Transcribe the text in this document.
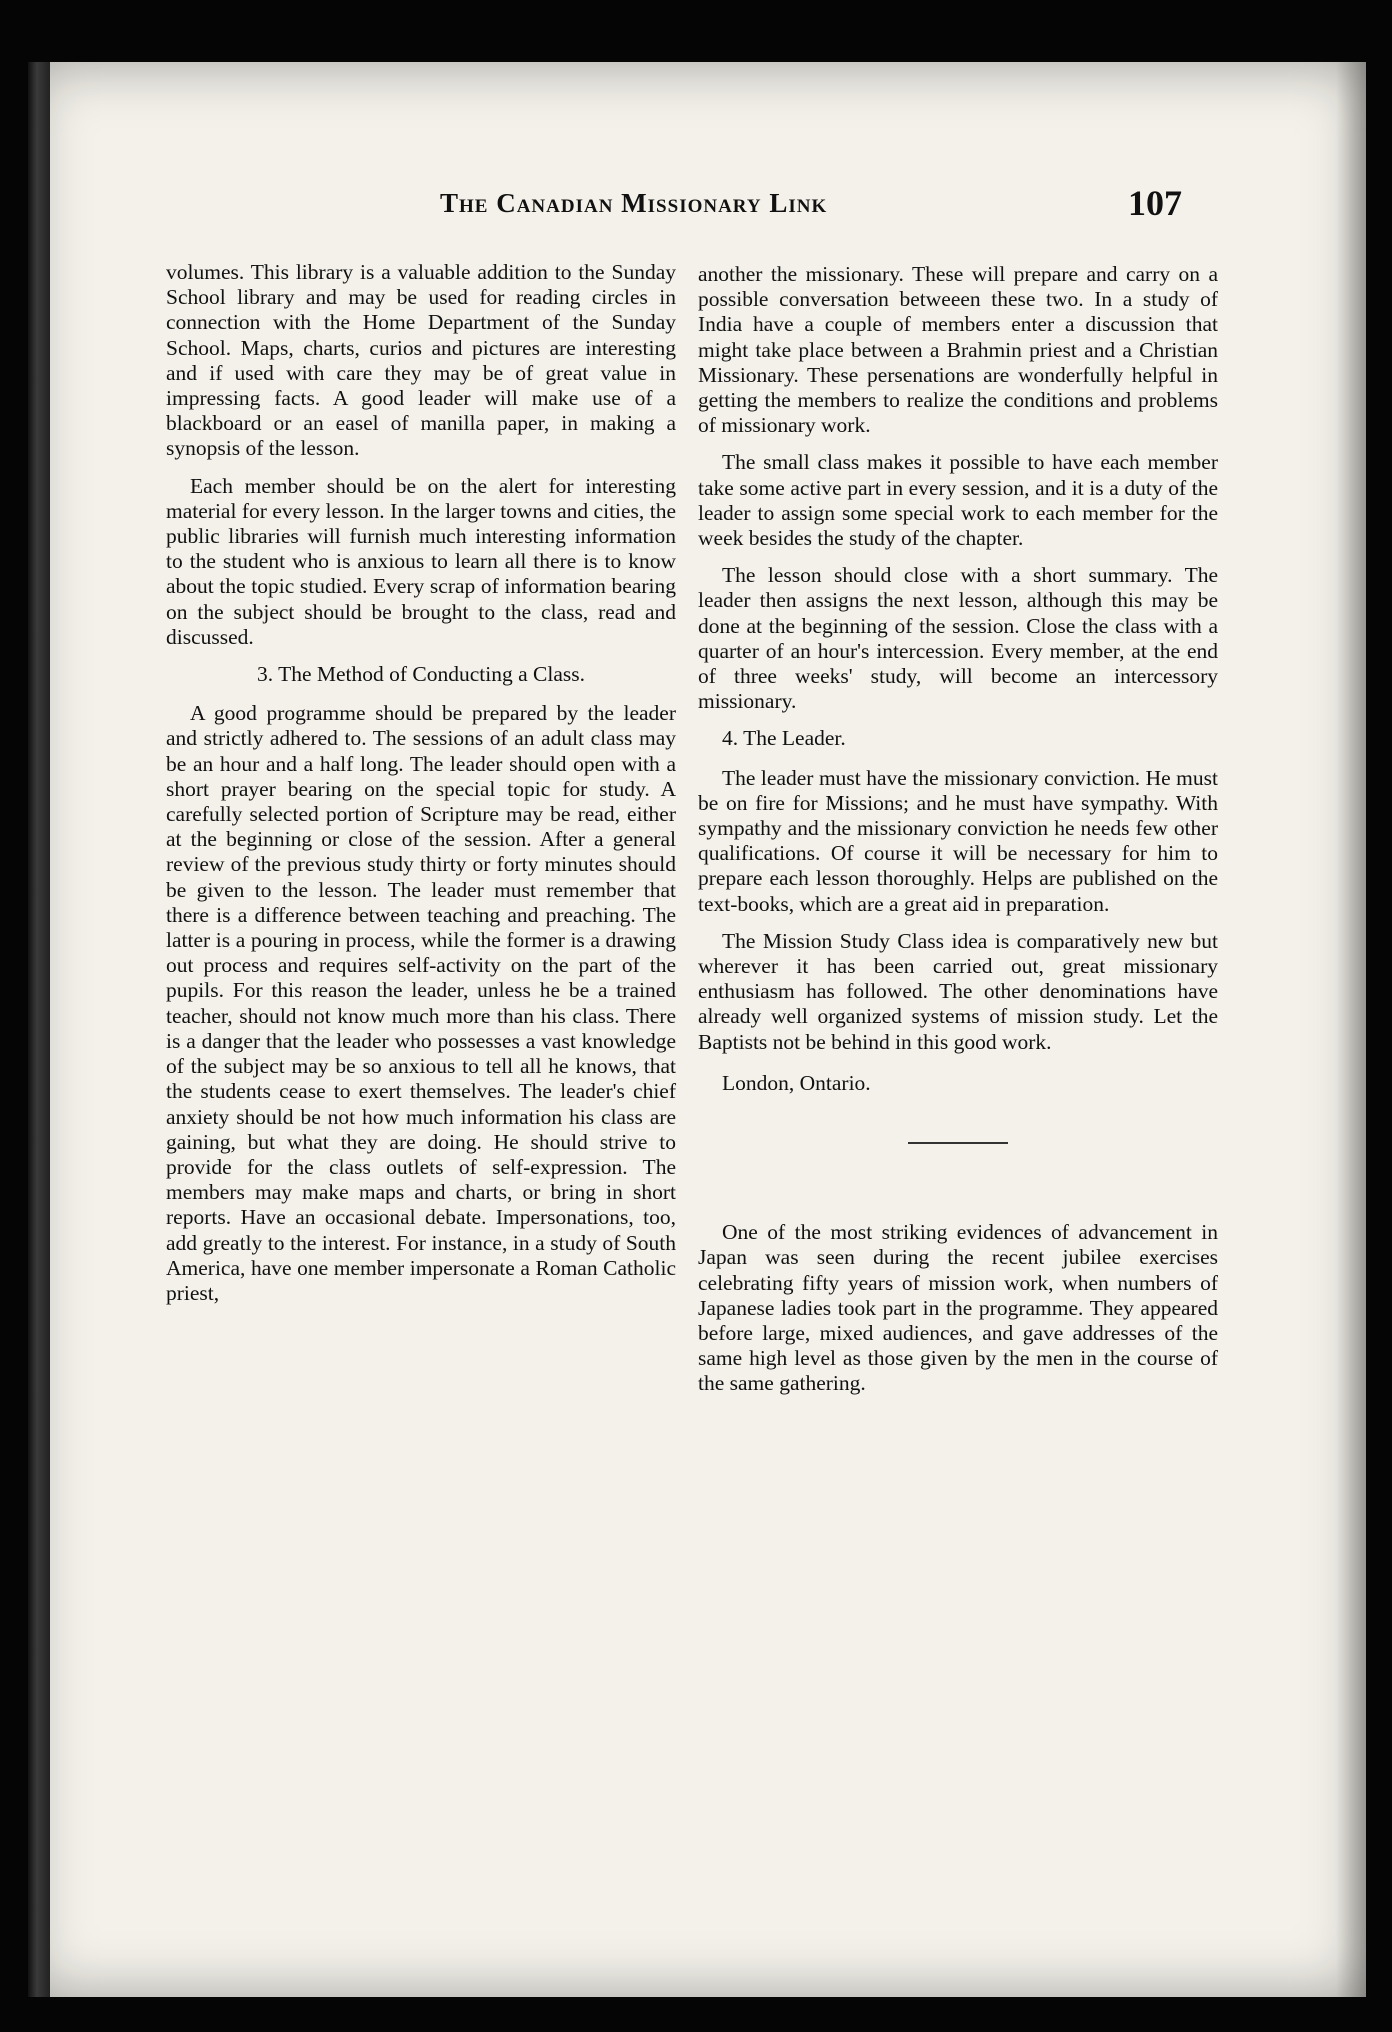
The Canadian Missionary Link	107

volumes. This library is a valuable addition to the Sunday School library and may be used for reading circles in connection with the Home Department of the Sunday School. Maps, charts, curios and pictures are interesting and if used with care they may be of great value in impressing facts. A good leader will make use of a blackboard or an easel of manilla paper, in making a synopsis of the lesson.

Each member should be on the alert for interesting material for every lesson. In the larger towns and cities, the public libraries will furnish much interesting information to the student who is anxious to learn all there is to know about the topic studied. Every scrap of information bearing on the subject should be brought to the class, read and discussed.

3. The Method of Conducting a Class.

A good programme should be prepared by the leader and strictly adhered to. The sessions of an adult class may be an hour and a half long. The leader should open with a short prayer bearing on the special topic for study. A carefully selected portion of Scripture may be read, either at the beginning or close of the session. After a general review of the previous study thirty or forty minutes should be given to the lesson. The leader must remember that there is a difference between teaching and preaching. The latter is a pouring in process, while the former is a drawing out process and requires self-activity on the part of the pupils. For this reason the leader, unless he be a trained teacher, should not know much more than his class. There is a danger that the leader who possesses a vast knowledge of the subject may be so anxious to tell all he knows, that the students cease to exert themselves. The leader's chief anxiety should be not how much information his class are gaining, but what they are doing. He should strive to provide for the class outlets of self-expression. The members may make maps and charts, or bring in short reports. Have an occasional debate. Impersonations, too, add greatly to the interest. For instance, in a study of South America, have one member impersonate a Roman Catholic priest,

another the missionary. These will prepare and carry on a possible conversation betweeen these two. In a study of India have a couple of members enter a discussion that might take place between a Brahmin priest and a Christian Missionary. These persenations are wonderfully helpful in getting the members to realize the conditions and problems of missionary work.

The small class makes it possible to have each member take some active part in every session, and it is a duty of the leader to assign some special work to each member for the week besides the study of the chapter.

The lesson should close with a short summary. The leader then assigns the next lesson, although this may be done at the beginning of the session. Close the class with a quarter of an hour's intercession. Every member, at the end of three weeks' study, will become an intercessory missionary.

4. The Leader.

The leader must have the missionary conviction. He must be on fire for Missions; and he must have sympathy. With sympathy and the missionary conviction he needs few other qualifications. Of course it will be necessary for him to prepare each lesson thoroughly. Helps are published on the text-books, which are a great aid in preparation.

The Mission Study Class idea is comparatively new but wherever it has been carried out, great missionary enthusiasm has followed. The other denominations have already well organized systems of mission study. Let the Baptists not be behind in this good work.

London, Ontario.

One of the most striking evidences of advancement in Japan was seen during the recent jubilee exercises celebrating fifty years of mission work, when numbers of Japanese ladies took part in the programme. They appeared before large, mixed audiences, and gave addresses of the same high level as those given by the men in the course of the same gathering.
